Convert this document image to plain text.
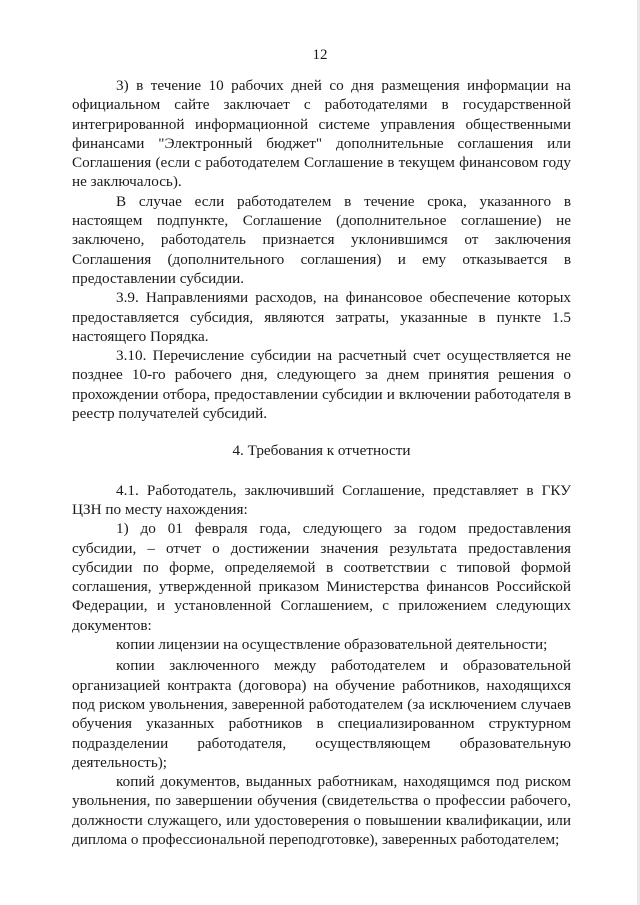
12

3) в течение 10 рабочих дней со дня размещения информации на официальном сайте заключает с работодателями в государственной интегрированной информационной системе управления общественными финансами "Электронный бюджет" дополнительные соглашения или Соглашения (если с работодателем Соглашение в текущем финансовом году не заключалось).

В случае если работодателем в течение срока, указанного в настоящем подпункте, Соглашение (дополнительное соглашение) не заключено, работодатель признается уклонившимся от заключения Соглашения (дополнительного соглашения) и ему отказывается в предоставлении субсидии.

3.9. Направлениями расходов, на финансовое обеспечение которых предоставляется субсидия, являются затраты, указанные в пункте 1.5 настоящего Порядка.

3.10. Перечисление субсидии на расчетный счет осуществляется не позднее 10-го рабочего дня, следующего за днем принятия решения о прохождении отбора, предоставлении субсидии и включении работодателя в реестр получателей субсидий.

4. Требования к отчетности

4.1. Работодатель, заключивший Соглашение, представляет в ГКУ ЦЗН по месту нахождения:

1) до 01 февраля года, следующего за годом предоставления субсидии, – отчет о достижении значения результата предоставления субсидии по форме, определяемой в соответствии с типовой формой соглашения, утвержденной приказом Министерства финансов Российской Федерации, и установленной Соглашением, с приложением следующих документов:

копии лицензии на осуществление образовательной деятельности;

копии заключенного между работодателем и образовательной организацией контракта (договора) на обучение работников, находящихся под риском увольнения, заверенной работодателем (за исключением случаев обучения указанных работников в специализированном структурном подразделении работодателя, осуществляющем образовательную деятельность);

копий документов, выданных работникам, находящимся под риском увольнения, по завершении обучения (свидетельства о профессии рабочего, должности служащего, или удостоверения о повышении квалификации, или диплома о профессиональной переподготовке), заверенных работодателем;
